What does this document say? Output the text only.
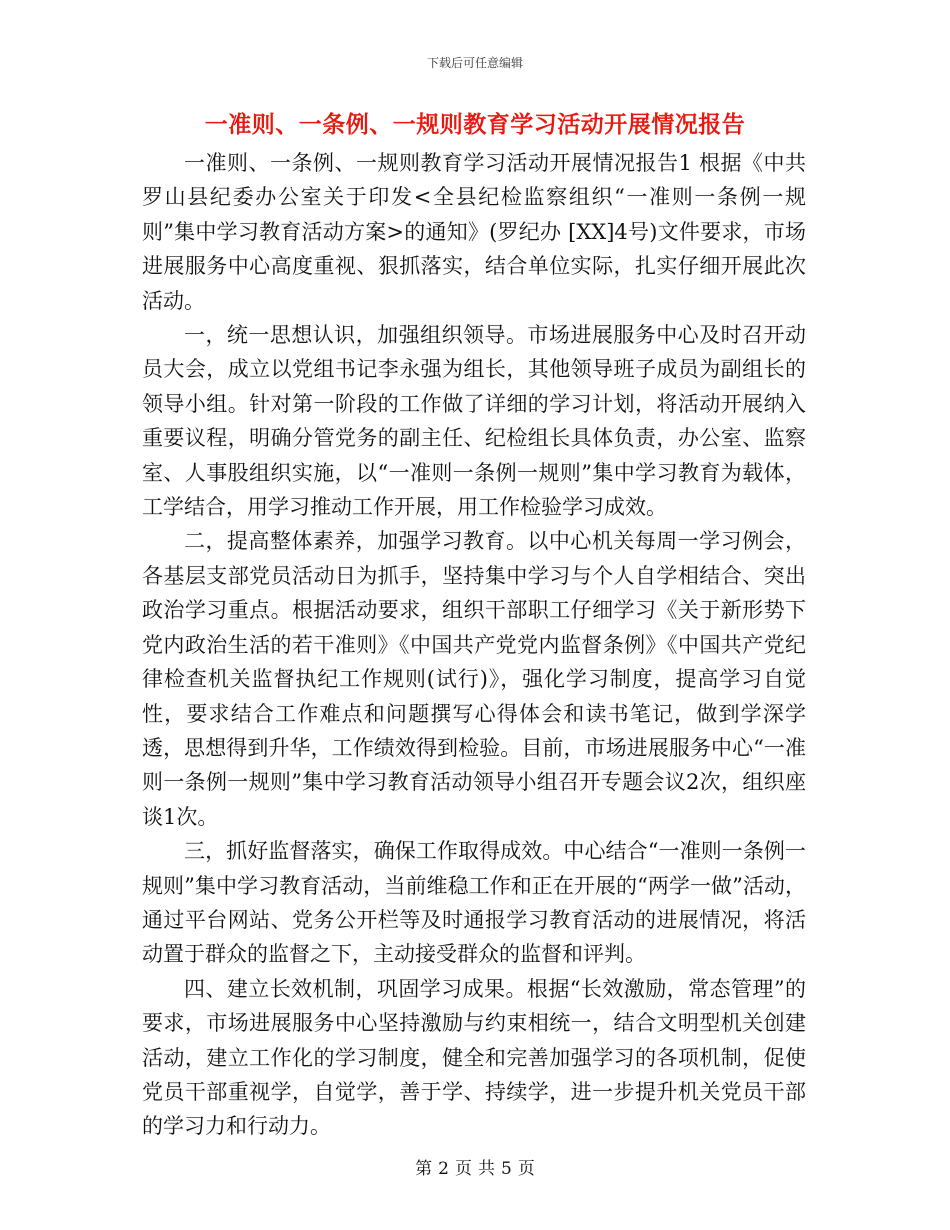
下载后可任意编辑
一准则、一条例、一规则教育学习活动开展情况报告

一准则、一条例、一规则教育学习活动开展情况报告1 根据《中共罗山县纪委办公室关于印发<全县纪检监察组织“一准则一条例一规则”集中学习教育活动方案>的通知》(罗纪办 [XX]4号)文件要求，市场进展服务中心高度重视、狠抓落实，结合单位实际，扎实仔细开展此次活动。

一，统一思想认识，加强组织领导。市场进展服务中心及时召开动员大会，成立以党组书记李永强为组长，其他领导班子成员为副组长的领导小组。针对第一阶段的工作做了详细的学习计划，将活动开展纳入重要议程，明确分管党务的副主任、纪检组长具体负责，办公室、监察室、人事股组织实施，以“一准则一条例一规则”集中学习教育为载体，工学结合，用学习推动工作开展，用工作检验学习成效。

二，提高整体素养，加强学习教育。以中心机关每周一学习例会，各基层支部党员活动日为抓手，坚持集中学习与个人自学相结合、突出政治学习重点。根据活动要求，组织干部职工仔细学习《关于新形势下党内政治生活的若干准则》《中国共产党党内监督条例》《中国共产党纪律检查机关监督执纪工作规则(试行)》，强化学习制度，提高学习自觉性，要求结合工作难点和问题撰写心得体会和读书笔记，做到学深学透，思想得到升华，工作绩效得到检验。目前，市场进展服务中心“一准则一条例一规则”集中学习教育活动领导小组召开专题会议2次，组织座谈1次。

三，抓好监督落实，确保工作取得成效。中心结合“一准则一条例一规则”集中学习教育活动，当前维稳工作和正在开展的“两学一做”活动，通过平台网站、党务公开栏等及时通报学习教育活动的进展情况，将活动置于群众的监督之下，主动接受群众的监督和评判。

四、建立长效机制，巩固学习成果。根据“长效激励，常态管理”的要求，市场进展服务中心坚持激励与约束相统一，结合文明型机关创建活动，建立工作化的学习制度，健全和完善加强学习的各项机制，促使党员干部重视学，自觉学，善于学、持续学，进一步提升机关党员干部的学习力和行动力。

第 2 页 共 5 页
